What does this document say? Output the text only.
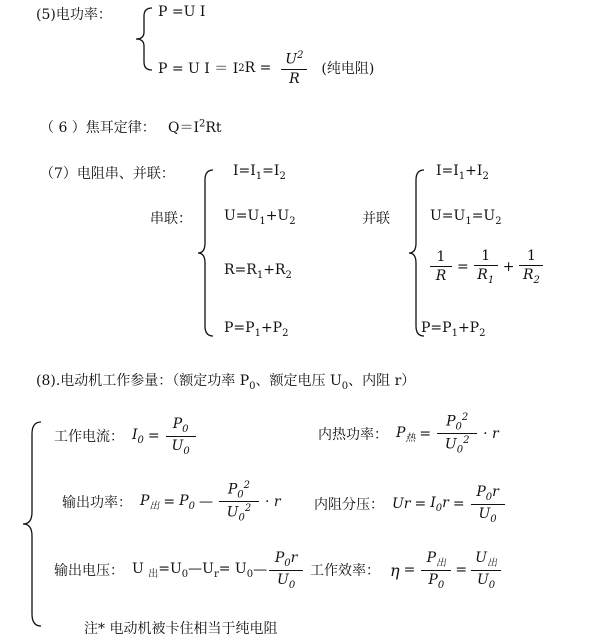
(5)电功率：	P =U I
P = U I ＝ I 2 $R = \frac{U^2}{R}$ (纯电阻)
（ 6 ）焦耳定律： $Q=I^2Rt$
（7）电阻串、并联：
串联：
$I=I_1=I_2$
$U=U_1+U_2$
$R=R_1+R_2$
$P=P_1+P_2$
并联
$I=I_1+I_2$
$U=U_1=U_2$
$\frac{1}{R} = \frac{1}{R_1} + \frac{1}{R_2}$
$P=P_1+P_2$
(8).电动机工作参量：（额定功率 $P_0$、额定电压 $U_0$、内阻 r）
工作电流： $I_0 = \frac{P_0}{U_0}$	内热功率： $P_热 = \frac{P_0^2}{U_0^2} \cdot r$
输出功率： $P_出 = P_0$ — $\frac{P_0^2}{U_0^2} \cdot r$ 内阻分压： $Ur = I_0r = \frac{P_0r}{U_0}$
输出电压： U $_出 =U_0$ $—U_r = U_0$ — $\frac{P_0r}{U_0}$ 工作效率： $\eta = \frac{P_出}{P_0} = \frac{U_出}{U_0}$
注* 电动机被卡住相当于纯电阻
